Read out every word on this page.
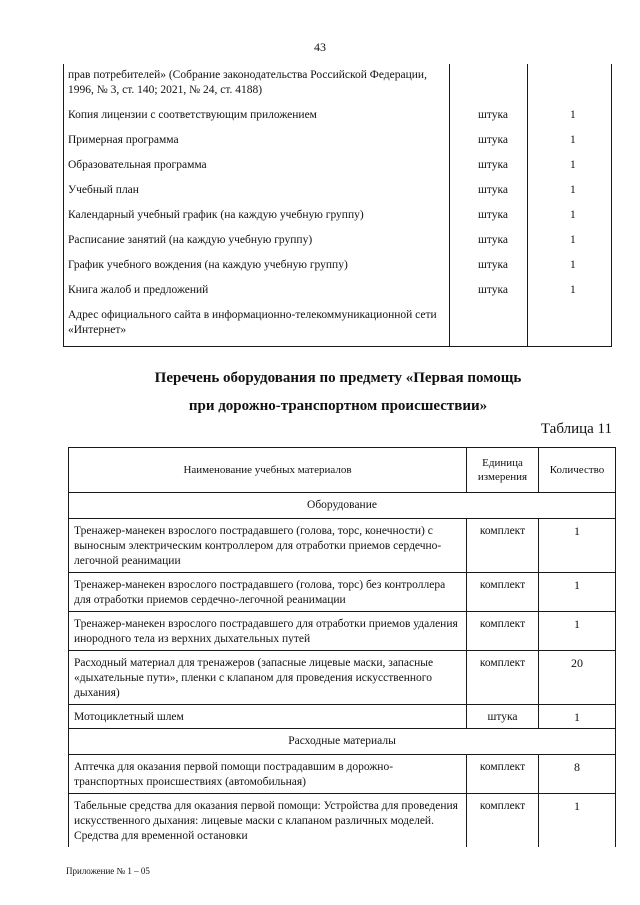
43
прав потребителей» (Собрание законодательства Российской Федерации, 1996, № 3, ст. 140; 2021, № 24, ст. 4188)		
Копия лицензии с соответствующим приложением	штука	1
Примерная программа	штука	1
Образовательная программа	штука	1
Учебный план	штука	1
Календарный учебный график (на каждую учебную группу)	штука	1
Расписание занятий (на каждую учебную группу)	штука	1
График учебного вождения (на каждую учебную группу)	штука	1
Книга жалоб и предложений	штука	1
Адрес официального сайта в информационно-телекоммуникационной сети «Интернет»		
Перечень оборудования по предмету «Первая помощь
при дорожно-транспортном происшествии»
Таблица 11
Наименование учебных материалов	Единица измерения	Количество
Оборудование		
Тренажер-манекен взрослого пострадавшего (голова, торс, конечности) с выносным электрическим контроллером для отработки приемов сердечно-легочной реанимации	комплект	1
Тренажер-манекен взрослого пострадавшего (голова, торс) без контроллера для отработки приемов сердечно-легочной реанимации	комплект	1
Тренажер-манекен взрослого пострадавшего для отработки приемов удаления инородного тела из верхних дыхательных путей	комплект	1
Расходный материал для тренажеров (запасные лицевые маски, запасные «дыхательные пути», пленки с клапаном для проведения искусственного дыхания)	комплект	20
Мотоциклетный шлем	штука	1
Расходные материалы		
Аптечка для оказания первой помощи пострадавшим в дорожно-транспортных происшествиях (автомобильная)	комплект	8
Табельные средства для оказания первой помощи: Устройства для проведения искусственного дыхания: лицевые маски с клапаном различных моделей. Средства для временной остановки	комплект	1
Приложение № 1 – 05
